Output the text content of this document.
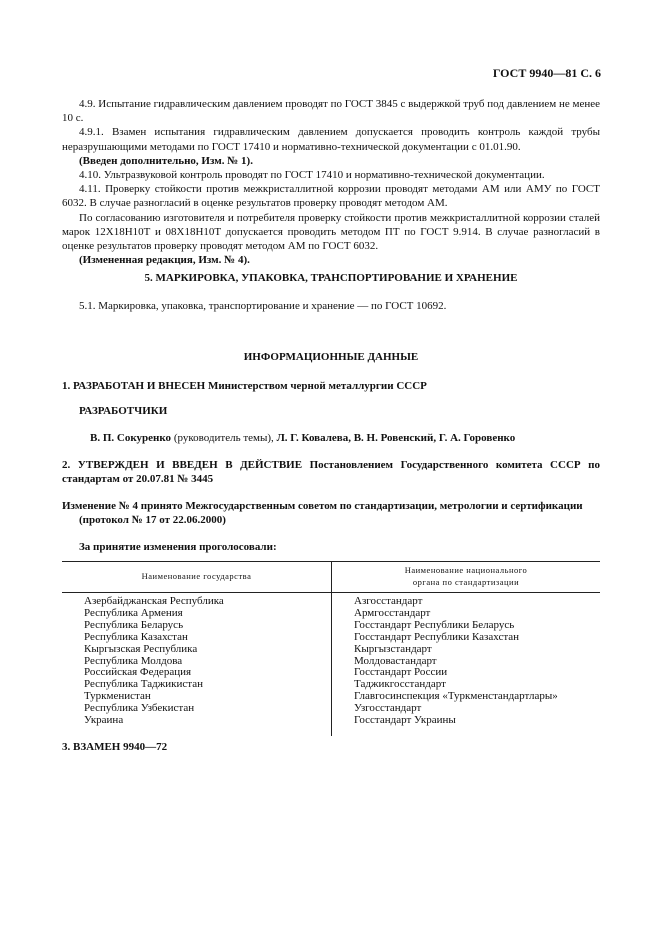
ГОСТ 9940—81 С. 6

4.9. Испытание гидравлическим давлением проводят по ГОСТ 3845 с выдержкой труб под давлением не менее 10 с.

4.9.1. Взамен испытания гидравлическим давлением допускается проводить контроль каждой трубы неразрушающими методами по ГОСТ 17410 и нормативно-технической документации с 01.01.90.

(Введен дополнительно, Изм. № 1).

4.10. Ультразвуковой контроль проводят по ГОСТ 17410 и нормативно-технической документации.

4.11. Проверку стойкости против межкристаллитной коррозии проводят методами АМ или АМУ по ГОСТ 6032. В случае разногласий в оценке результатов проверку проводят методом АМ.

По согласованию изготовителя и потребителя проверку стойкости против межкристаллитной коррозии сталей марок 12Х18Н10Т и 08Х18Н10Т допускается проводить методом ПТ по ГОСТ 9.914. В случае разногласий в оценке результатов проверку проводят методом АМ по ГОСТ 6032.

(Измененная редакция, Изм. № 4).

5. МАРКИРОВКА, УПАКОВКА, ТРАНСПОРТИРОВАНИЕ И ХРАНЕНИЕ
5.1. Маркировка, упаковка, транспортирование и хранение — по ГОСТ 10692.
ИНФОРМАЦИОННЫЕ ДАННЫЕ
1. РАЗРАБОТАН И ВНЕСЕН Министерством черной металлургии СССР
РАЗРАБОТЧИКИ
В. П. Сокуренко (руководитель темы), Л. Г. Ковалева, В. Н. Ровенский, Г. А. Горовенко
2. УТВЕРЖДЕН И ВВЕДЕН В ДЕЙСТВИЕ Постановлением Государственного комитета СССР по стандартам от 20.07.81 № 3445
Изменение № 4 принято Межгосударственным советом по стандартизации, метрологии и сертификации
(протокол № 17 от 22.06.2000)
За принятие изменения проголосовали:
Наименование государства
Наименование национального
органа по стандартизации
Азербайджанская Республика
Республика Армения
Республика Беларусь
Республика Казахстан
Кыргызская Республика
Республика Молдова
Российская Федерация
Республика Таджикистан
Туркменистан
Республика Узбекистан
Украина
Азгосстандарт
Армгосстандарт
Госстандарт Республики Беларусь
Госстандарт Республики Казахстан
Кыргызстандарт
Молдовастандарт
Госстандарт России
Таджикгосстандарт
Главгосинспекция «Туркменстандартлары»
Узгосстандарт
Госстандарт Украины
3. ВЗАМЕН 9940—72
